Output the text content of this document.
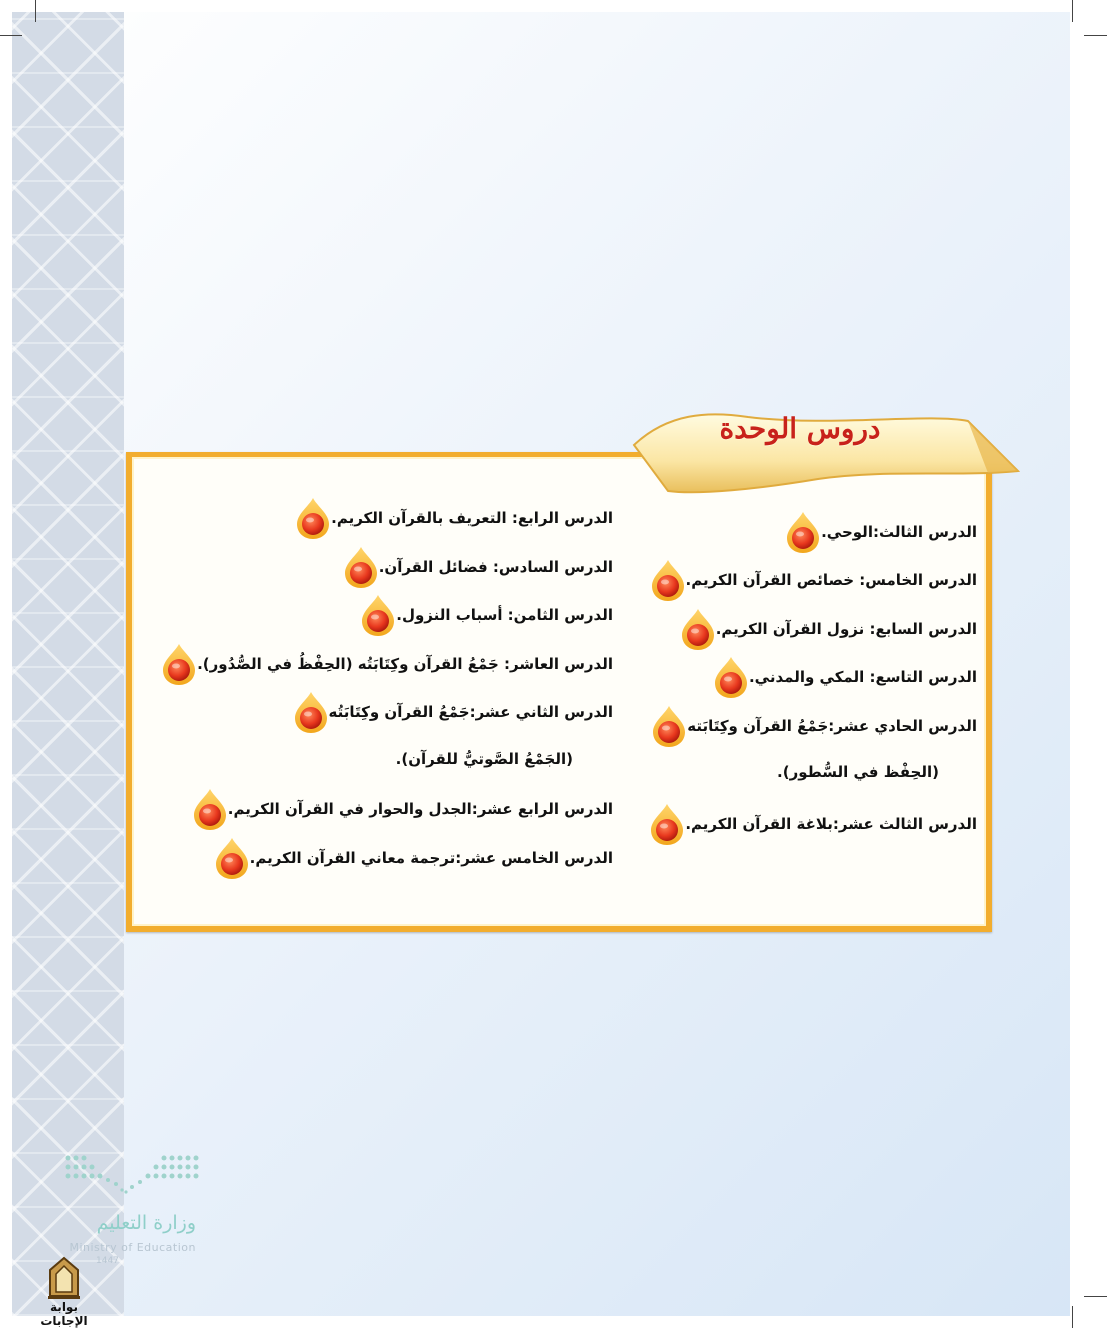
دروس الوحدة
الدرس الثالث:الوحي.
الدرس الخامس: خصائص القرآن الكريم.
الدرس السابع: نزول القرآن الكريم.
الدرس التاسع: المكي والمدني.
الدرس الحادي عشر:جَمْعُ القرآن وكِتَابَته
(الحِفْظ في السُّطور).
الدرس الثالث عشر:بلاغة القرآن الكريم.
الدرس الرابع: التعريف بالقرآن الكريم.
الدرس السادس: فضائل القرآن.
الدرس الثامن: أسباب النزول.
الدرس العاشر: جَمْعُ القرآن وكِتَابَتُه (الحِفْظُ في الصُّدُور).
الدرس الثاني عشر:جَمْعُ القرآن وكِتَابَتُه
(الجَمْعُ الصَّوتيُّ للقرآن).
الدرس الرابع عشر:الجدل والحوار في القرآن الكريم.
الدرس الخامس عشر:ترجمة معاني القرآن الكريم.
وزارة التعليم
Ministry of Education
1447
بوابة الإجابات
